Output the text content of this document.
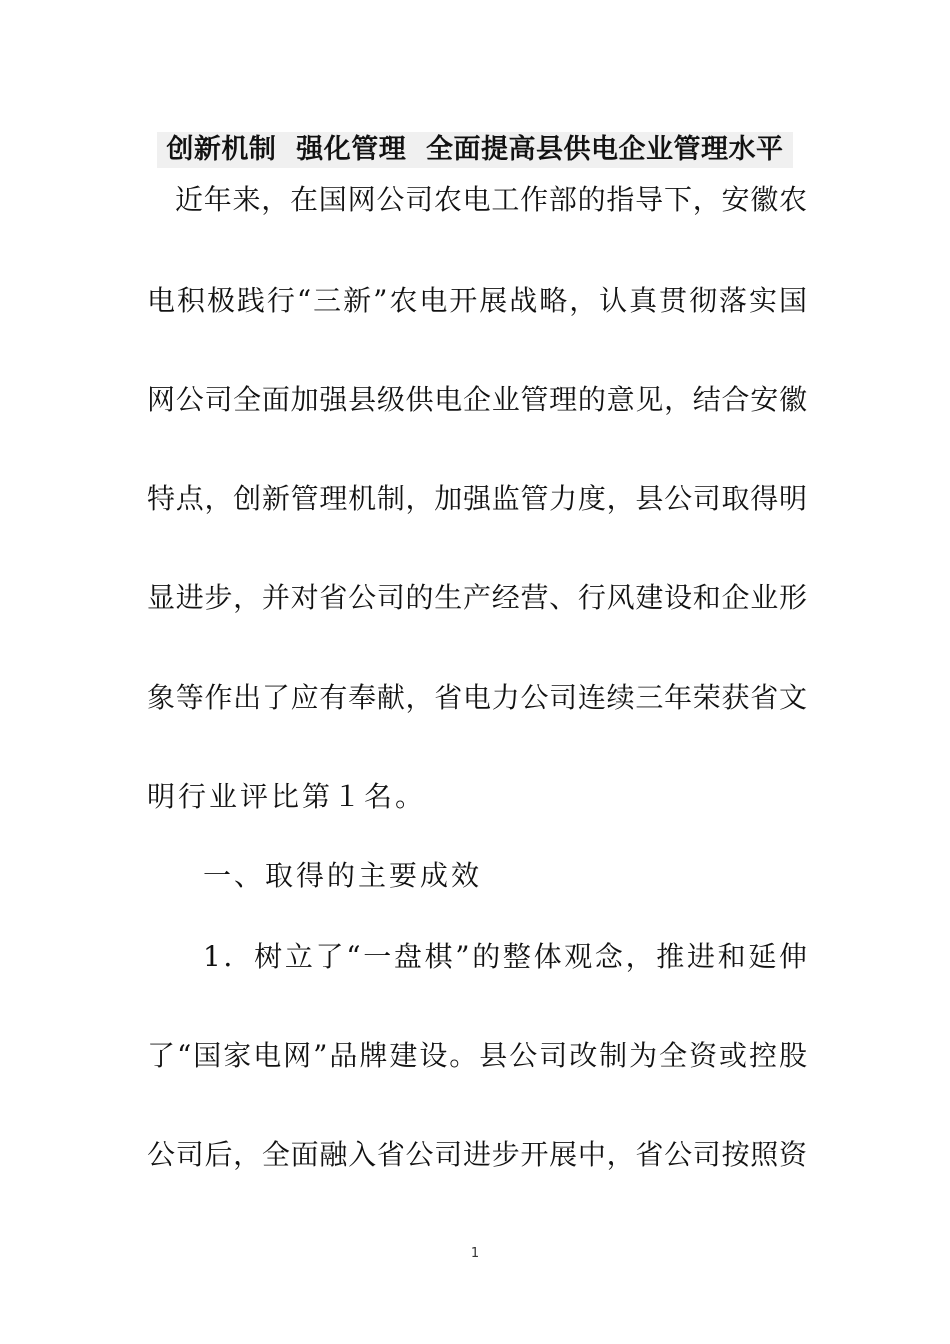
创新机制  强化管理  全面提高县供电企业管理水平
近年来，在国网公司农电工作部的指导下，安徽农
电积极践行“三新”农电开展战略，认真贯彻落实国
网公司全面加强县级供电企业管理的意见，结合安徽
特点，创新管理机制，加强监管力度，县公司取得明
显进步，并对省公司的生产经营、行风建设和企业形
象等作出了应有奉献，省电力公司连续三年荣获省文
明行业评比第１名。
一、取得的主要成效
1．树立了“一盘棋”的整体观念，推进和延伸
了“国家电网”品牌建设。县公司改制为全资或控股
公司后，全面融入省公司进步开展中，省公司按照资
1
